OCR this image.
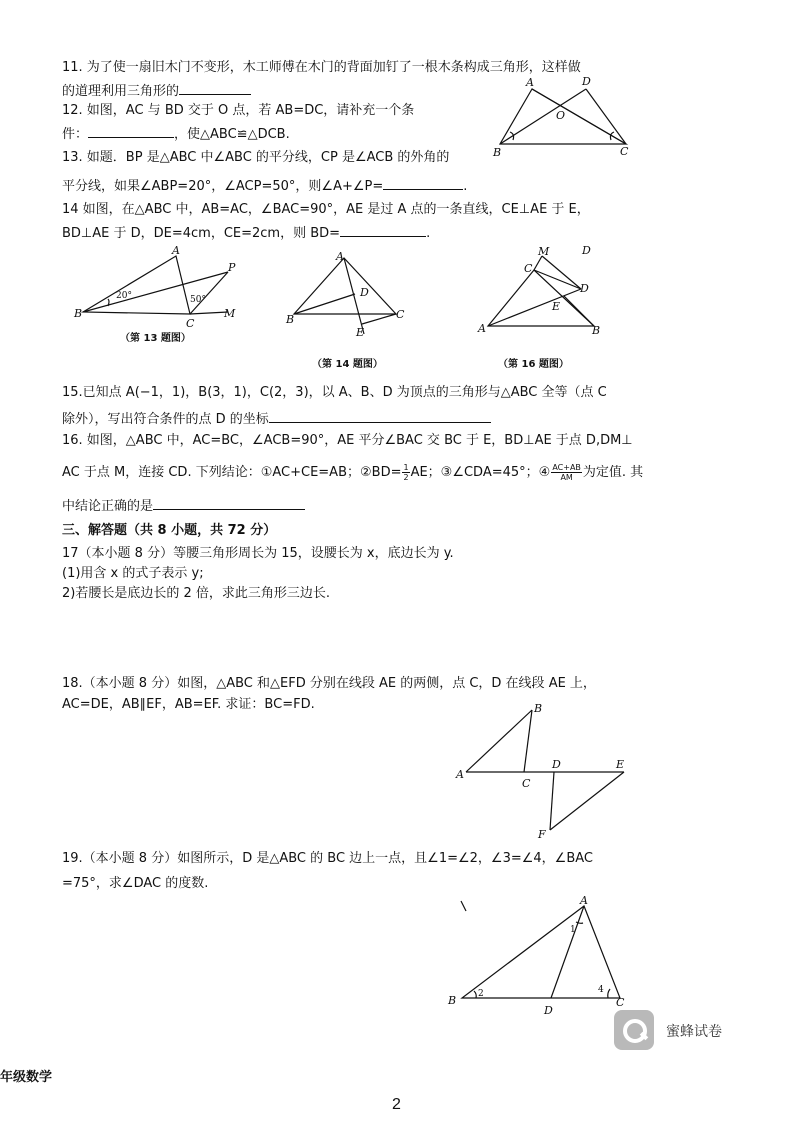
11. 为了使一扇旧木门不变形，木工师傅在木门的背面加钉了一根木条构成三角形，这样做
的道理利用三角形的
12. 如图，AC 与 BD 交于 O 点，若 AB=DC，请补充一个条
件：	，使△ABC≌△DCB.
A	D
O
B	C
13. 如题．BP 是△ABC 中∠ABC 的平分线，CP 是∠ACB 的外角的
平分线，如果∠ABP=20°，∠ACP=50°，则∠A+∠P=	.
14 如图，在△ABC 中，AB=AC，∠BAC=90°，AE 是过 A 点的一条直线，CE⊥AE 于 E，
BD⊥AE 于 D，DE=4cm，CE=2cm，则 BD=	.
B
A
P
C
M
20°	50°
（第 13 题图）
A
D
B	C
E
（第 14 题图）
M
C
D
D
E
A	B
（第 16 题图）
15.已知点 A(−1，1)，B(3，1)，C(2，3)，以 A、B、D 为顶点的三角形与△ABC 全等（点 C
除外），写出符合条件的点 D 的坐标
16. 如图，△ABC 中，AC=BC，∠ACB=90°，AE 平分∠BAC 交 BC 于 E，BD⊥AE 于点 D,DM⊥
AC 于点 M，连接 CD. 下列结论：①AC+CE=AB；②BD= $\frac{1}{2}$ AE；③∠CDA=45°；④ $\frac{AC+AB}{AM}$ 为定值. 其
中结论正确的是
三、解答题（共 8 小题，共 72 分）
17（本小题 8 分）等腰三角形周长为 15，设腰长为 x，底边长为 y.
(1)用含 x 的式子表示 y;
2)若腰长是底边长的 2 倍，求此三角形三边长.
18.（本小题 8 分）如图，△ABC 和△EFD 分别在线段 AE 的两侧，点 C，D 在线段 AE 上，
AC=DE，AB∥EF，AB=EF. 求证：BC=FD.	B
A
C
D	E
F
19.（本小题 8 分）如图所示，D 是△ABC 的 BC 边上一点，且∠1=∠2，∠3=∠4，∠BAC
=75°，求∠DAC 的度数.
A
1
B 2
D
4
C
蜜蜂试卷
年级数学
2
